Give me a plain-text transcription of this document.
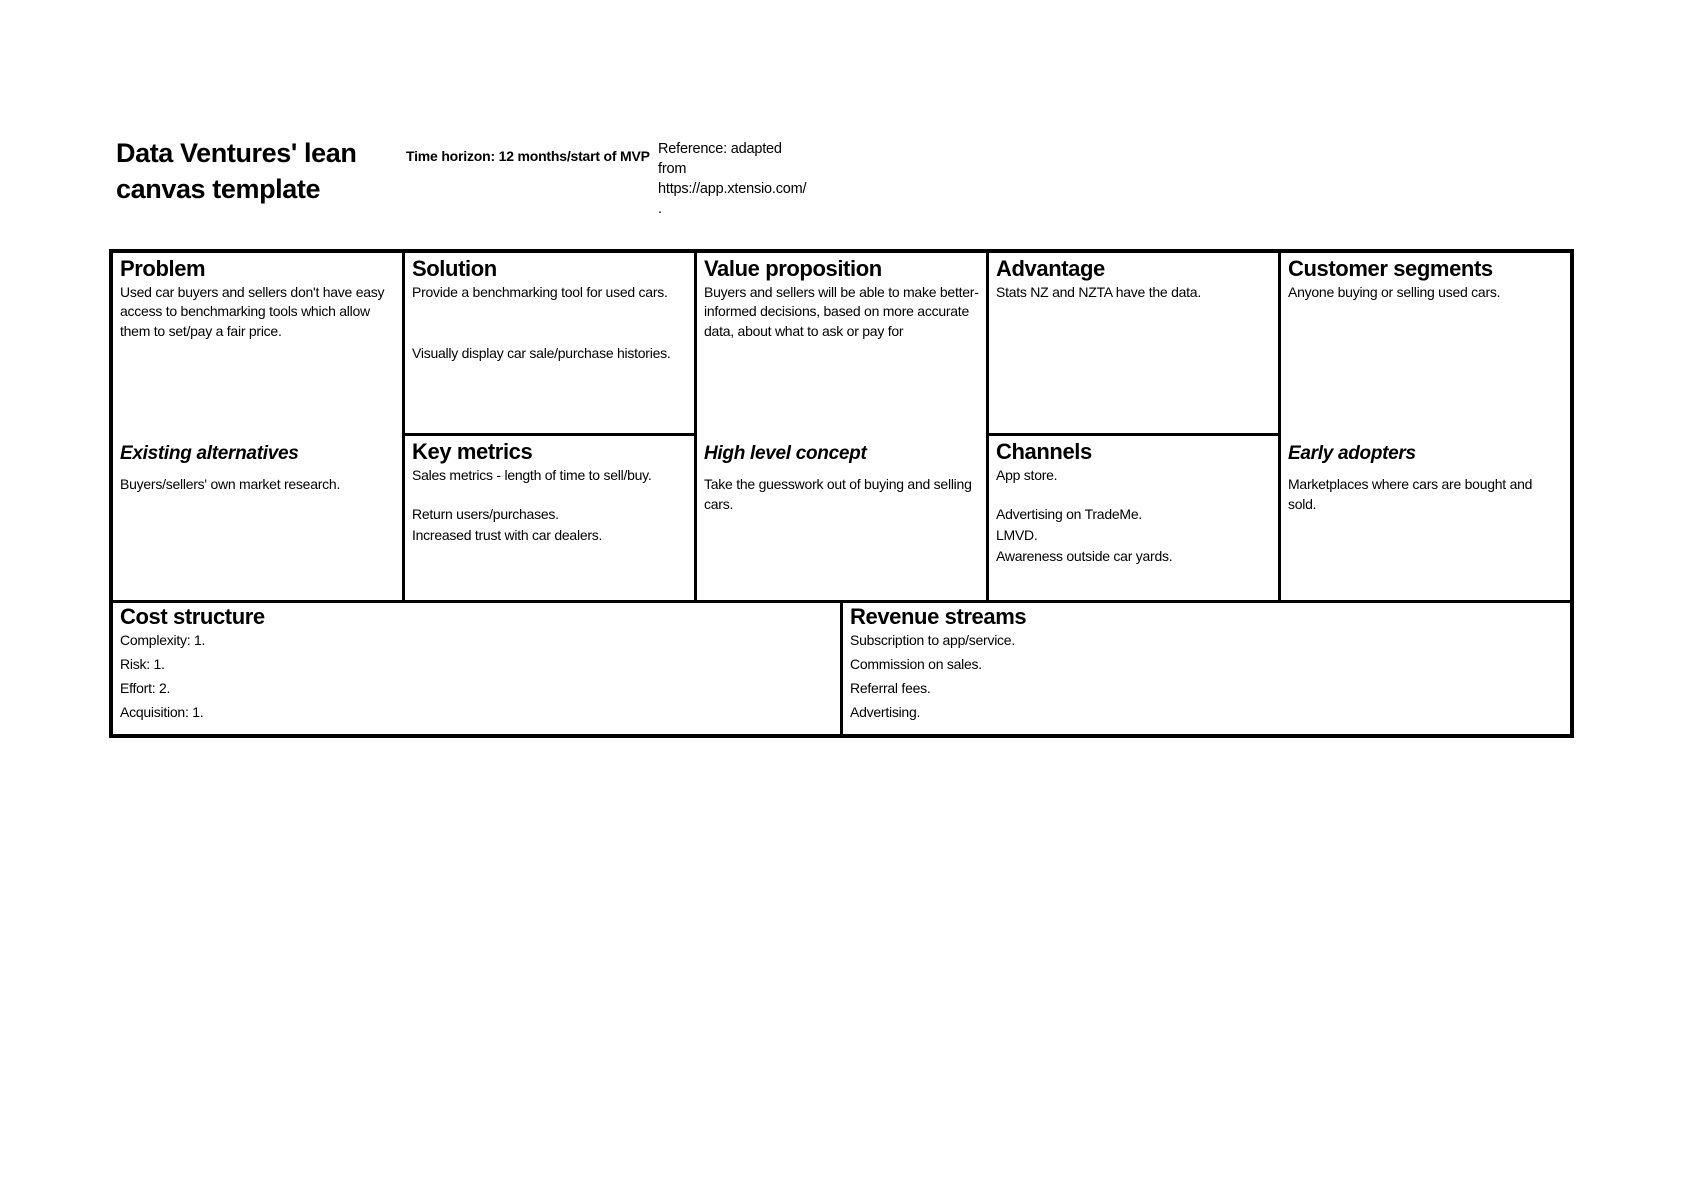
Data Ventures' lean canvas template
Time horizon: 12 months/start of MVP Reference: adapted from https://app.xtensio.com/.
Problem

Used car buyers and sellers don't have easy access to benchmarking tools which allow them to set/pay a fair price.

Existing alternatives

Buyers/sellers' own market research.

Solution

Provide a benchmarking tool for used cars.

Visually display car sale/purchase histories.

Key metrics

Sales metrics - length of time to sell/buy.

Return users/purchases.

Increased trust with car dealers.

Value proposition

Buyers and sellers will be able to make better-informed decisions, based on more accurate data, about what to ask or pay for

High level concept

Take the guesswork out of buying and selling cars.

Advantage

Stats NZ and NZTA have the data.

Channels

App store.

Advertising on TradeMe.

LMVD.

Awareness outside car yards.

Customer segments

Anyone buying or selling used cars.

Early adopters

Marketplaces where cars are bought and sold.

Cost structure

Complexity: 1.

Risk: 1.

Effort: 2.

Acquisition: 1.

Revenue streams

Subscription to app/service.

Commission on sales.

Referral fees.

Advertising.
